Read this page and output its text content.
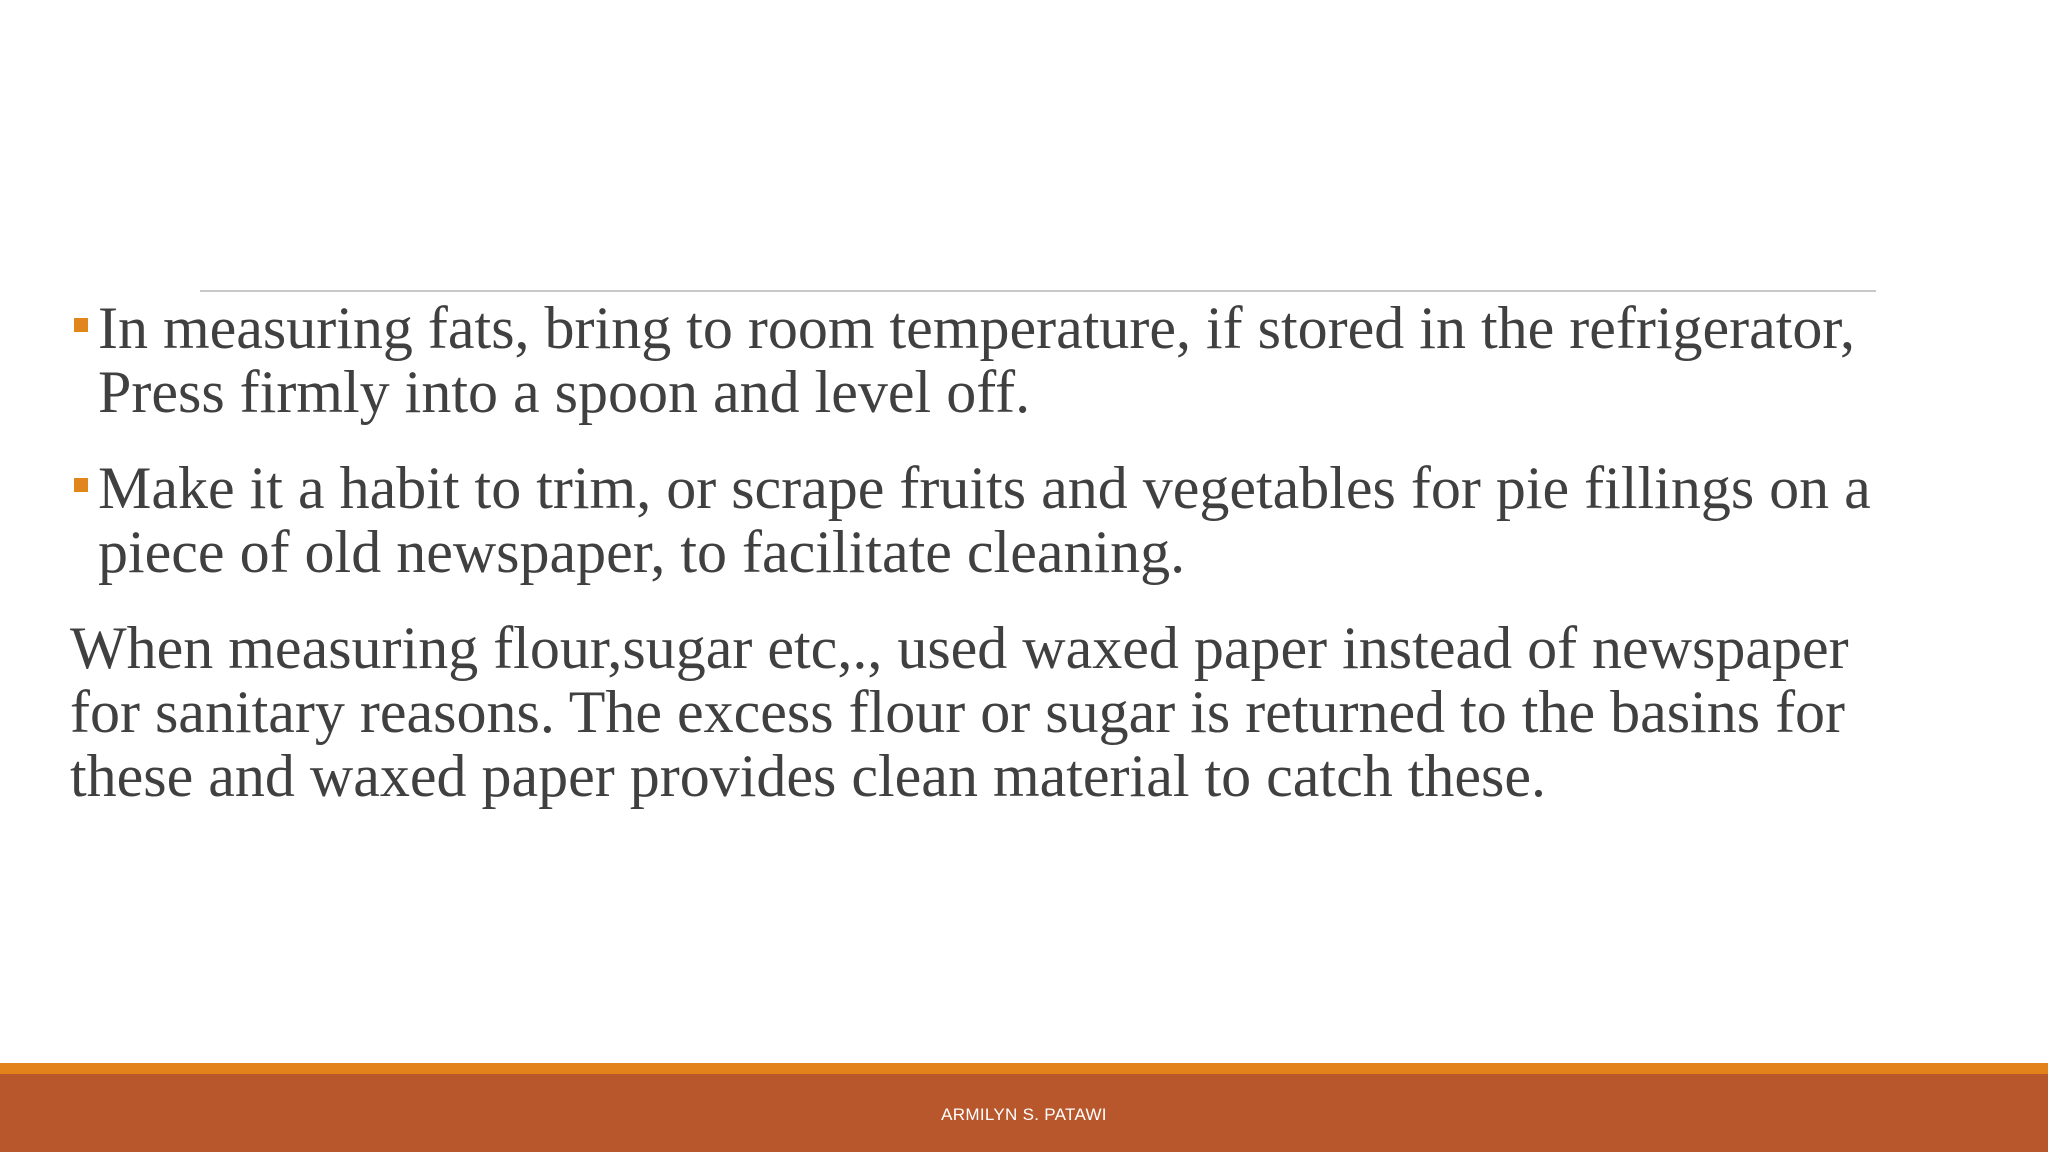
In measuring fats, bring to room temperature, if stored in the refrigerator, Press firmly into a spoon and level off.
Make it a habit to trim, or scrape fruits and vegetables for pie fillings on a piece of old newspaper, to facilitate cleaning.

When measuring flour,sugar etc,., used waxed paper instead of newspaper for sanitary reasons. The excess flour or sugar is returned to the basins for these and waxed paper provides clean material to catch these.

ARMILYN S. PATAWI
